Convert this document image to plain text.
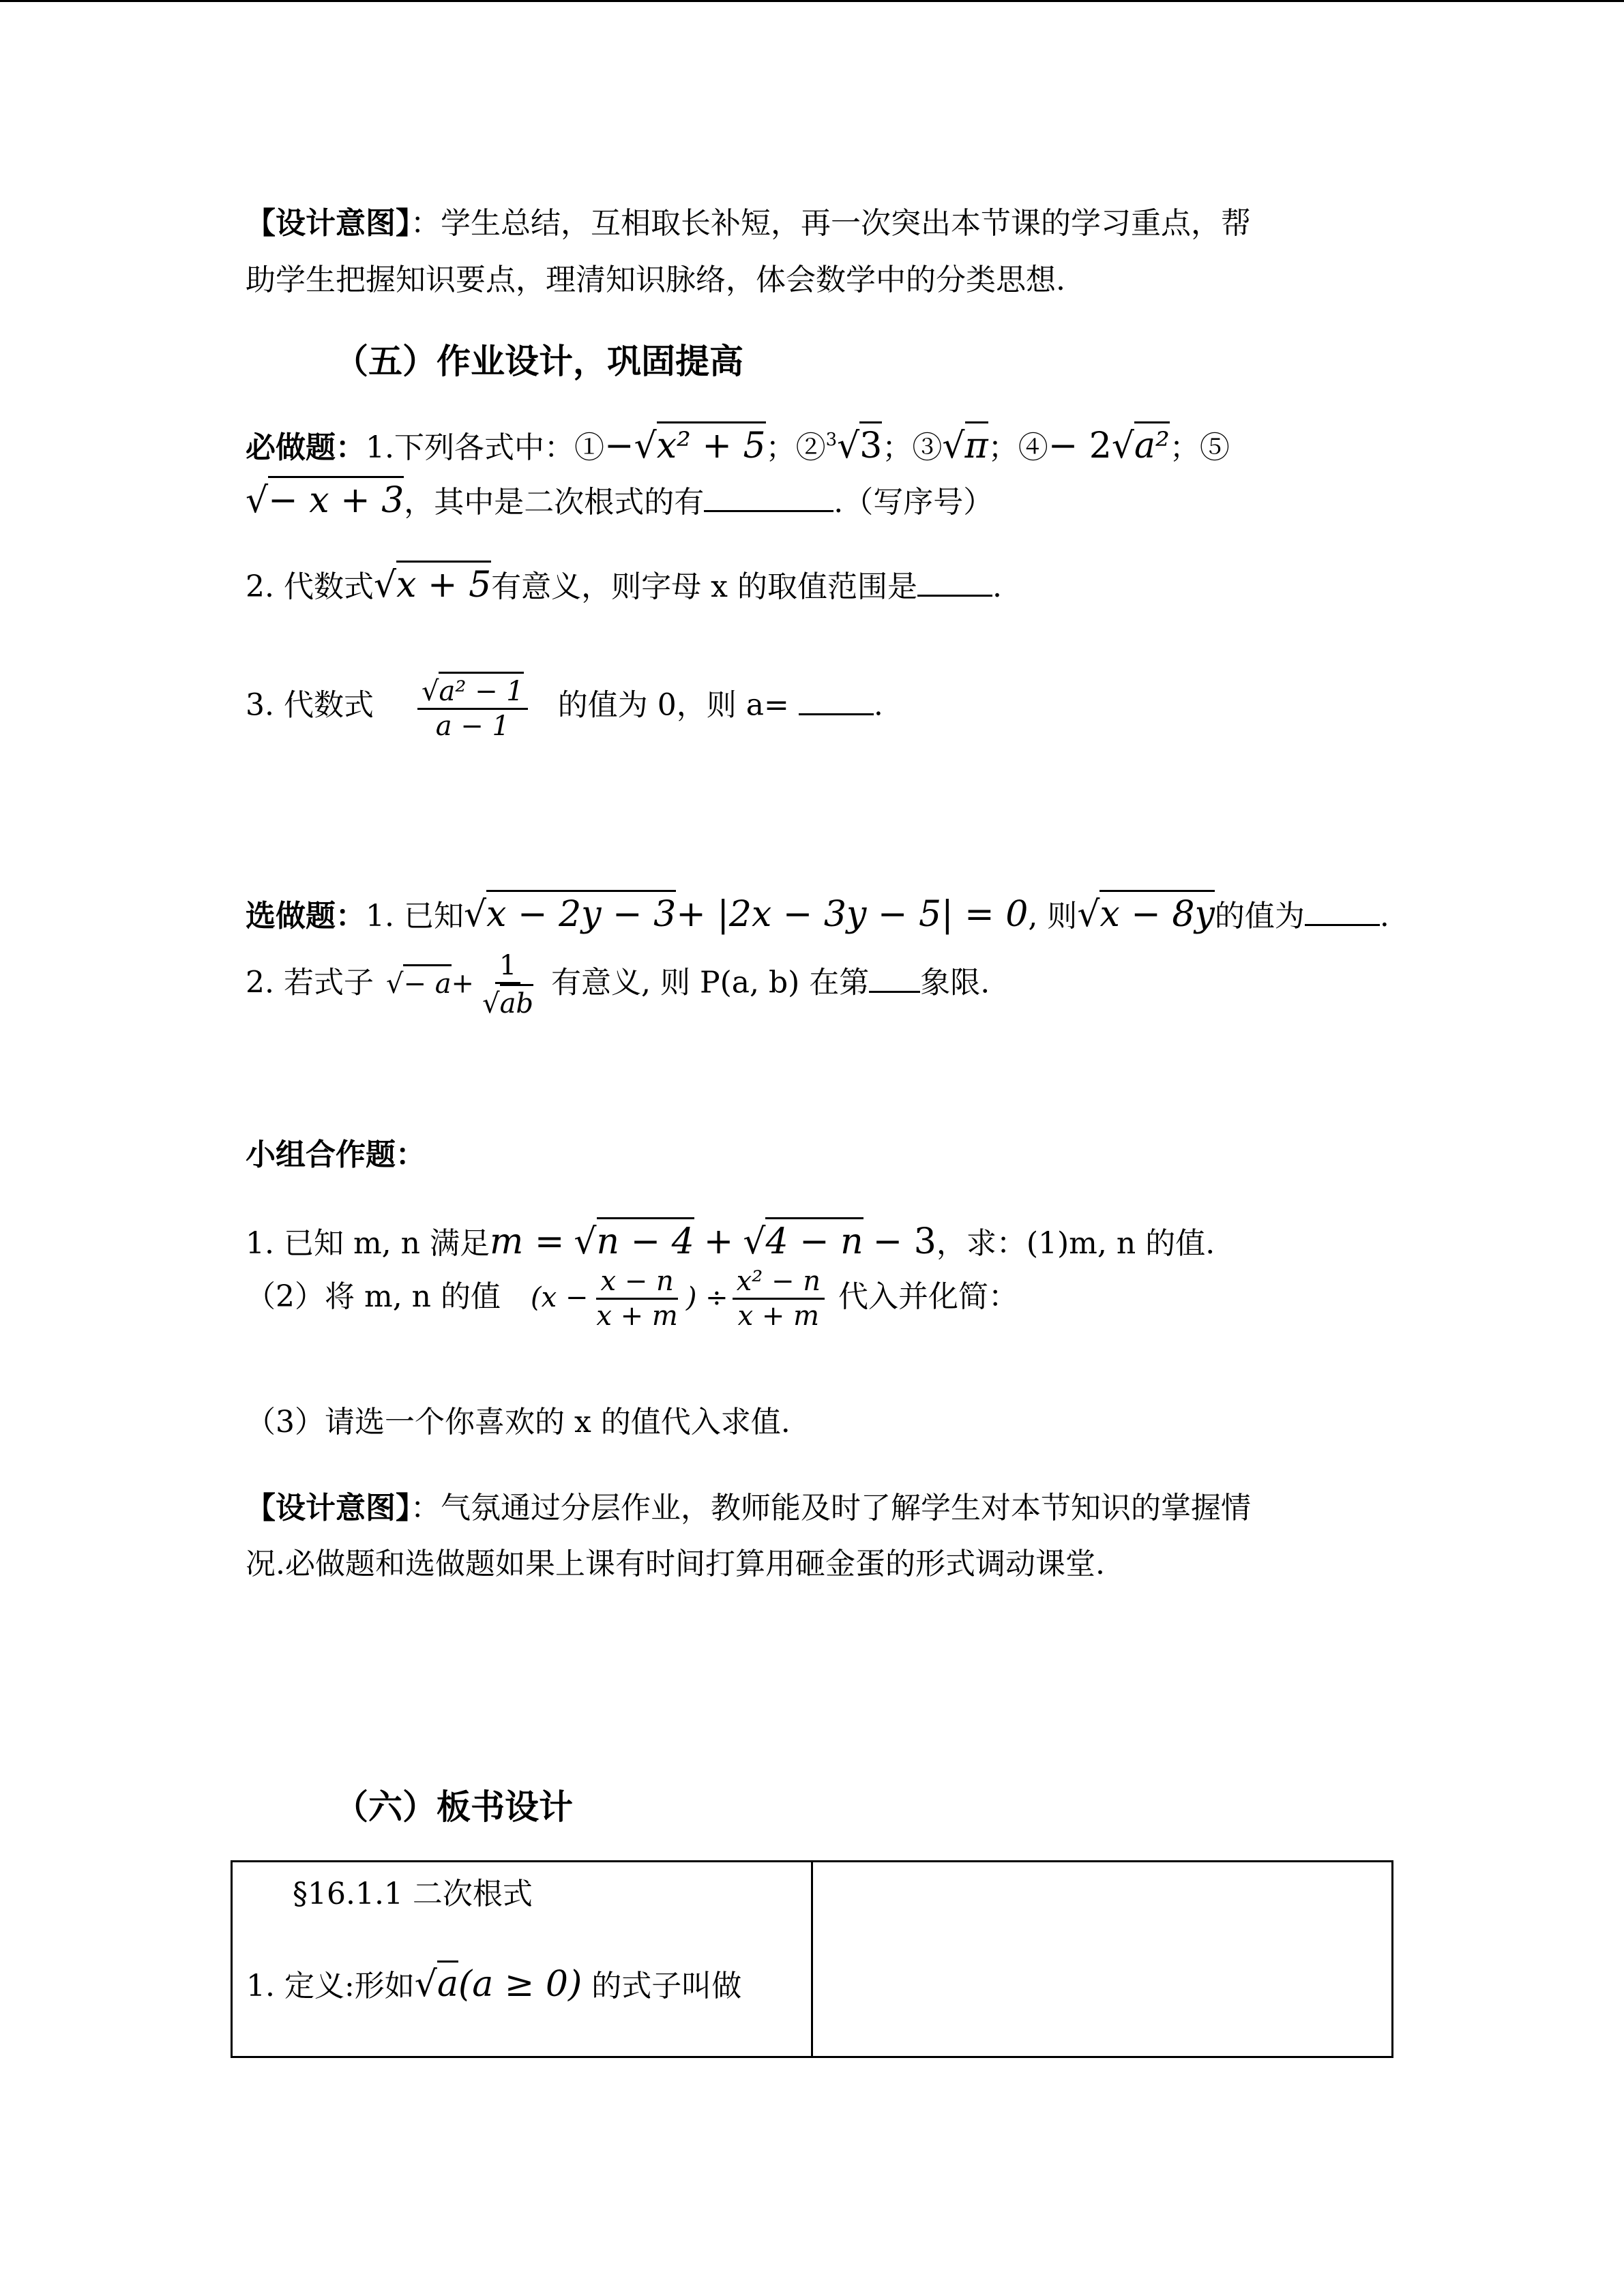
【设计意图】：学生总结，互相取长补短，再一次突出本节课的学习重点，帮
助学生把握知识要点，理清知识脉络，体会数学中的分类思想.
（五）作业设计，巩固提高
必做题：1.下列各式中：①−√x² + 5；②$^3$√3；③√π；④− 2√a²；⑤
√− x + 3，其中是二次根式的有	.（写序号）
2. 代数式√x + 5有意义，则字母 x 的取值范围是	.
3. 代数式 $\frac{\text{√a² − 1}}{a - 1}$ 的值为 0，则 a=	.
选做题：1. 已知√x − 2y − 3+ |2x − 3y − 5| = 0, 则√x − 8y的值为	.
2. 若式子 √− $a+ \frac{1}{√ab}$ 有意义, 则 P(a, b) 在第 象限.
小组合作题：
1. 已知 m, n 满足m = √n − 4 + √4 − n − 3，求：(1)m, n 的值.
（2）将 m, n 的值 ($x - \frac{x - n}{x + m}$ ) ÷ $\frac{\text{x² − n}}{x + m}$ 代入并化简：
（3）请选一个你喜欢的 x 的值代入求值.
【设计意图】：气氛通过分层作业，教师能及时了解学生对本节知识的掌握情
况.必做题和选做题如果上课有时间打算用砸金蛋的形式调动课堂.
（六）板书设计
§16.1.1 二次根式
1. 定义:形如√a(a ≥ 0) 的式子叫做
